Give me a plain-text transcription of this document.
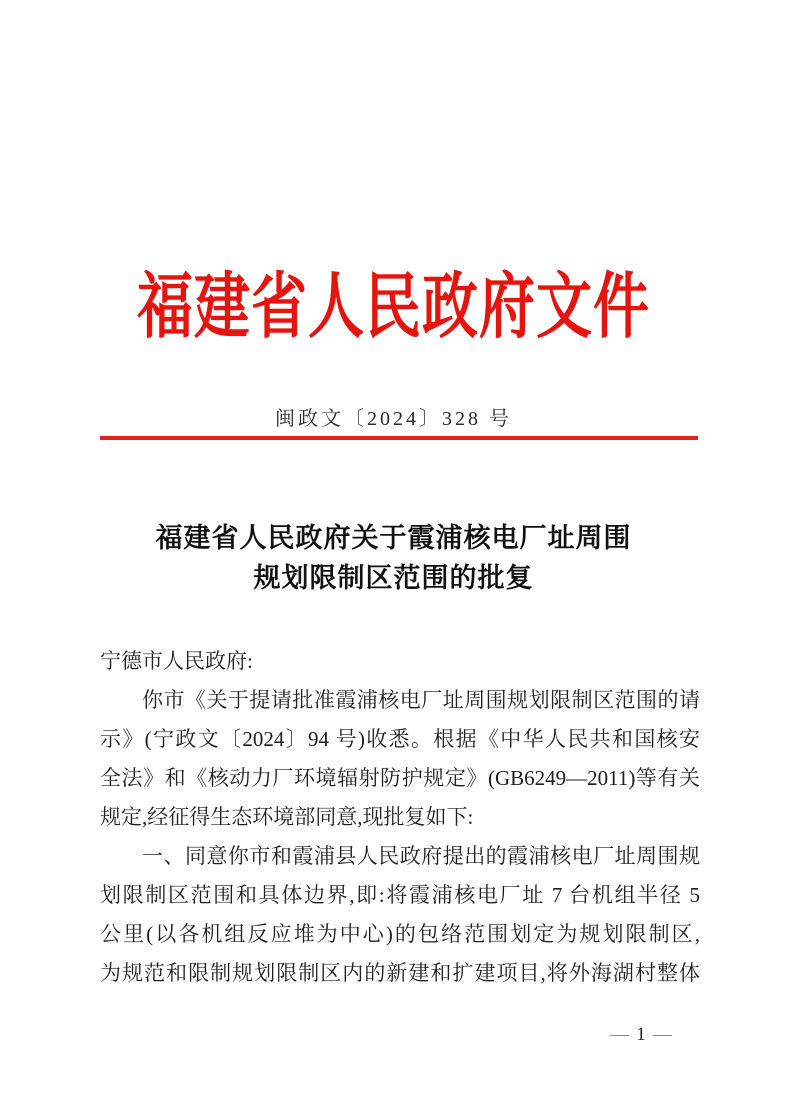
福建省人民政府文件
闽政文〔2024〕328 号
福建省人民政府关于霞浦核电厂址周围
规划限制区范围的批复
宁德市人民政府:
你市《关于提请批准霞浦核电厂址周围规划限制区范围的请
示》(宁政文〔2024〕94 号)收悉。根据《中华人民共和国核安
全法》和《核动力厂环境辐射防护规定》(GB6249—2011)等有关
规定,经征得生态环境部同意,现批复如下:
一、同意你市和霞浦县人民政府提出的霞浦核电厂址周围规
划限制区范围和具体边界,即:将霞浦核电厂址 7 台机组半径 5
公里(以各机组反应堆为中心)的包络范围划定为规划限制区,
为规范和限制规划限制区内的新建和扩建项目,将外海湖村整体
— 1 —
